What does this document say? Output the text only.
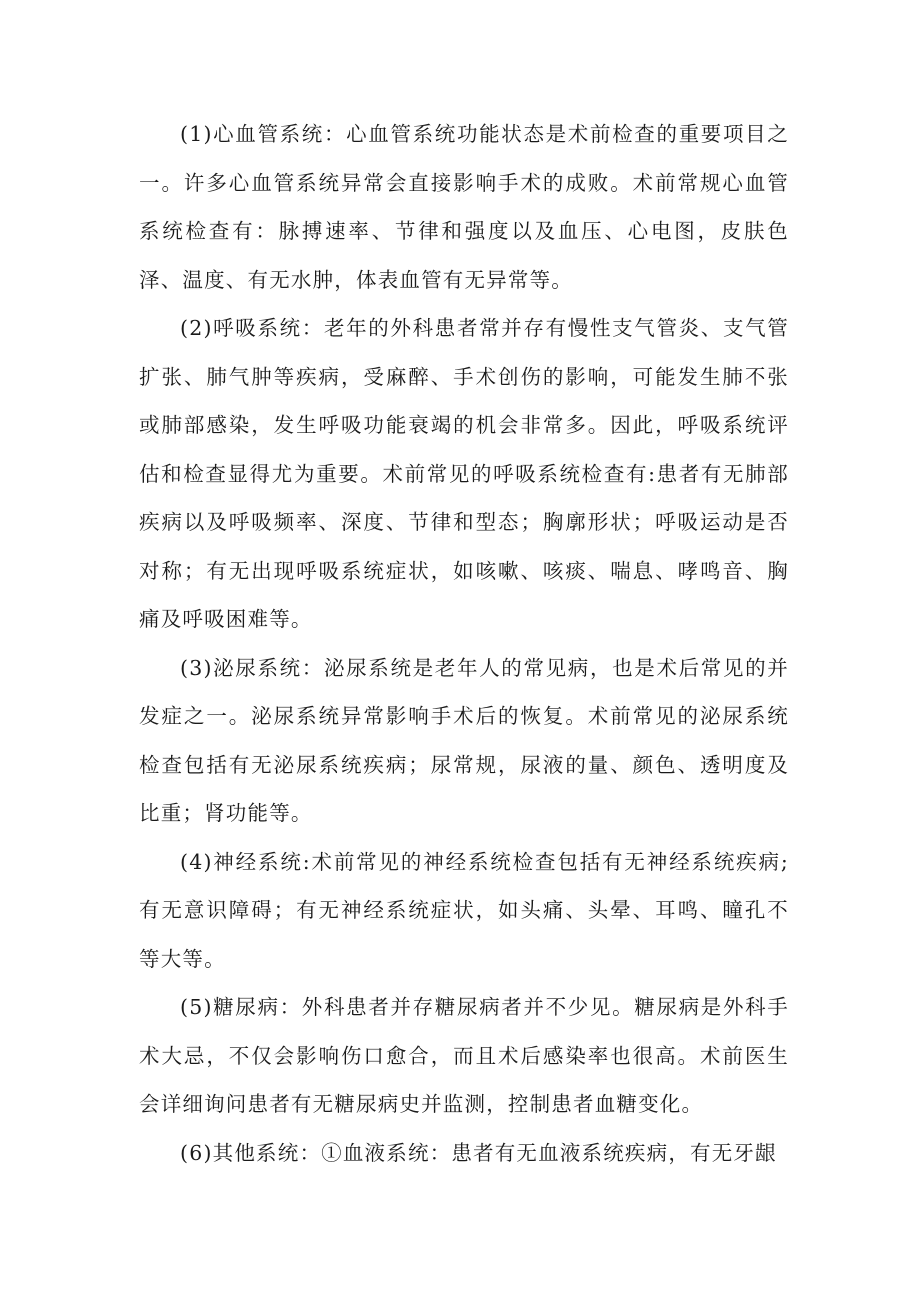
(1)心血管系统：心血管系统功能状态是术前检查的重要项目之一。许多心血管系统异常会直接影响手术的成败。术前常规心血管系统检查有：脉搏速率、节律和强度以及血压、心电图，皮肤色泽、温度、有无水肿，体表血管有无异常等。

(2)呼吸系统：老年的外科患者常并存有慢性支气管炎、支气管扩张、肺气肿等疾病，受麻醉、手术创伤的影响，可能发生肺不张或肺部感染，发生呼吸功能衰竭的机会非常多。因此，呼吸系统评估和检查显得尤为重要。术前常见的呼吸系统检查有:患者有无肺部疾病以及呼吸频率、深度、节律和型态；胸廓形状；呼吸运动是否对称；有无出现呼吸系统症状，如咳嗽、咳痰、喘息、哮鸣音、胸痛及呼吸困难等。

(3)泌尿系统：泌尿系统是老年人的常见病，也是术后常见的并发症之一。泌尿系统异常影响手术后的恢复。术前常见的泌尿系统检查包括有无泌尿系统疾病；尿常规，尿液的量、颜色、透明度及比重；肾功能等。

(4)神经系统:术前常见的神经系统检查包括有无神经系统疾病;有无意识障碍；有无神经系统症状，如头痛、头晕、耳鸣、瞳孔不等大等。

(5)糖尿病：外科患者并存糖尿病者并不少见。糖尿病是外科手术大忌，不仅会影响伤口愈合，而且术后感染率也很高。术前医生会详细询问患者有无糖尿病史并监测，控制患者血糖变化。

(6)其他系统：①血液系统：患者有无血液系统疾病，有无牙龈
